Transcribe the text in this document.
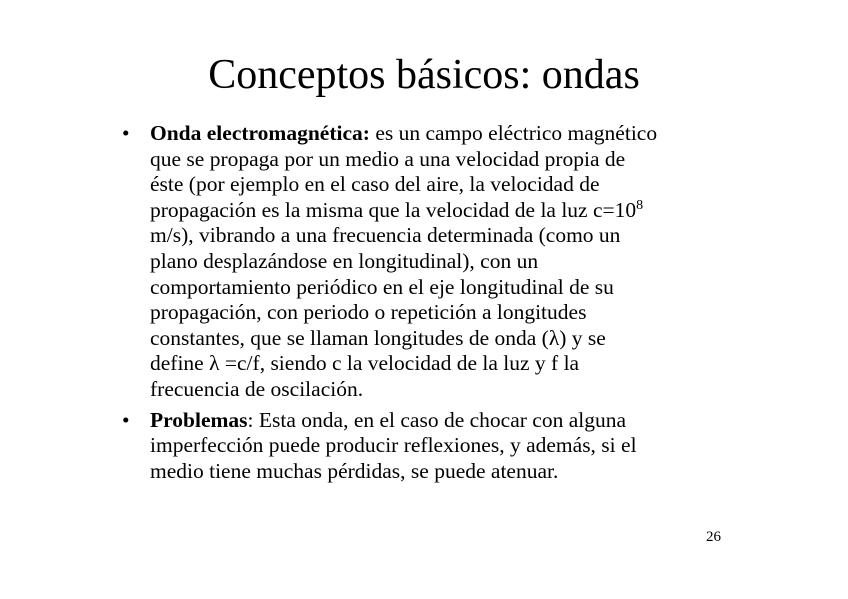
Conceptos básicos: ondas
• Onda electromagnética: es un campo eléctrico magnético
que se propaga por un medio a una velocidad propia de
éste (por ejemplo en el caso del aire, la velocidad de
propagación es la misma que la velocidad de la luz $c=10^8$
m/s), vibrando a una frecuencia determinada (como un
plano desplazándose en longitudinal), con un
comportamiento periódico en el eje longitudinal de su
propagación, con periodo o repetición a longitudes
constantes, que se llaman longitudes de onda (λ) y se
define λ =c/f, siendo c la velocidad de la luz y f la
frecuencia de oscilación.
• Problemas: Esta onda, en el caso de chocar con alguna
imperfección puede producir reflexiones, y además, si el
medio tiene muchas pérdidas, se puede atenuar.
26
